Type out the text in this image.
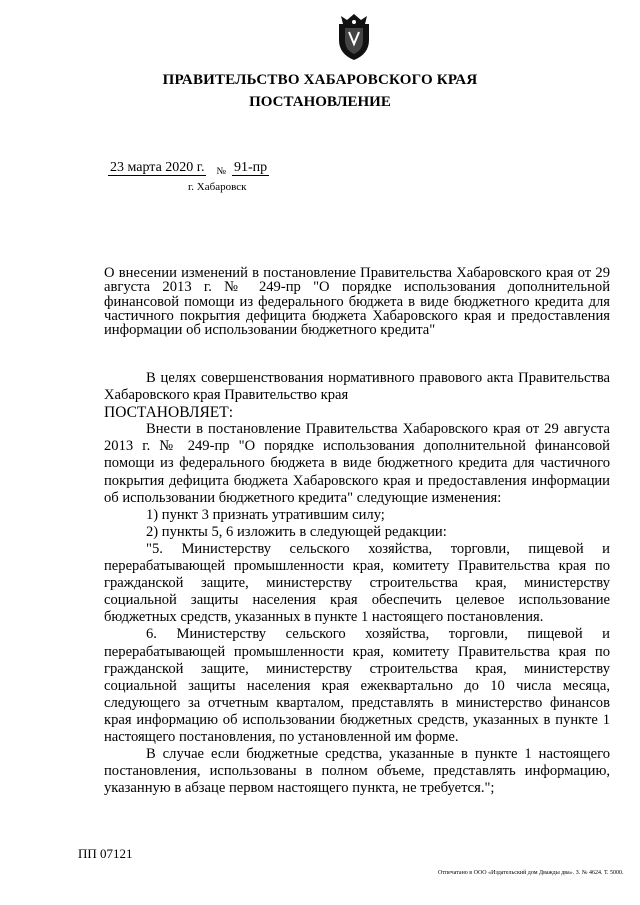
ПРАВИТЕЛЬСТВО ХАБАРОВСКОГО КРАЯ
ПОСТАНОВЛЕНИЕ
23 марта 2020 г. $_№$ 91-пр
г. Хабаровск
О внесении изменений в постановление Правительства Хабаровского края от 29 августа 2013 г. № 249-пр "О порядке использования дополнительной финансовой помощи из федерального бюджета в виде бюджетного кредита для частичного покрытия дефицита бюджета Хабаровского края и предоставления информации об использовании бюджетного кредита"

В целях совершенствования нормативного правового акта Правительства Хабаровского края Правительство края

ПОСТАНОВЛЯЕТ:

Внести в постановление Правительства Хабаровского края от 29 августа 2013 г. № 249-пр "О порядке использования дополнительной финансовой помощи из федерального бюджета в виде бюджетного кредита для частичного покрытия дефицита бюджета Хабаровского края и предоставления информации об использовании бюджетного кредита" следующие изменения:

1) пункт 3 признать утратившим силу;

2) пункты 5, 6 изложить в следующей редакции:

"5. Министерству сельского хозяйства, торговли, пищевой и перерабатывающей промышленности края, комитету Правительства края по гражданской защите, министерству строительства края, министерству социальной защиты населения края обеспечить целевое использование бюджетных средств, указанных в пункте 1 настоящего постановления.

6. Министерству сельского хозяйства, торговли, пищевой и перерабатывающей промышленности края, комитету Правительства края по гражданской защите, министерству строительства края, министерству социальной защиты населения края ежеквартально до 10 числа месяца, следующего за отчетным кварталом, представлять в министерство финансов края информацию об использовании бюджетных средств, указанных в пункте 1 настоящего постановления, по установленной им форме.

В случае если бюджетные средства, указанные в пункте 1 настоящего постановления, использованы в полном объеме, представлять информацию, указанную в абзаце первом настоящего пункта, не требуется.";

ПП 07121
Отпечатано в ООО «Издательский дом Дважды два». З. № 4624. Т. 5000.
